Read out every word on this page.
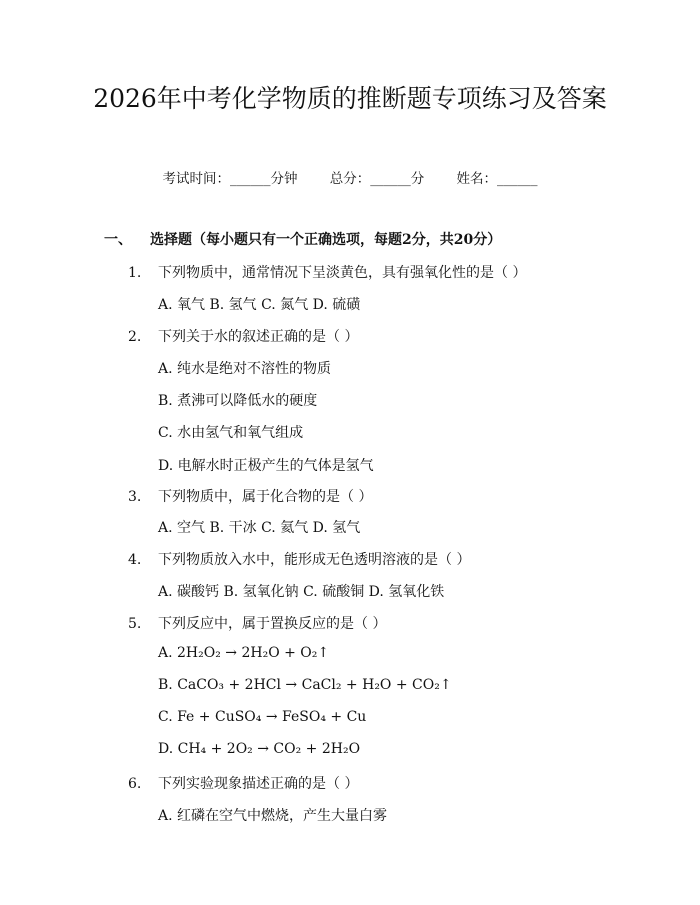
2026年中考化学物质的推断题专项练习及答案
考试时间：______分钟 总分：______分 姓名：______
一、 选择题（每小题只有一个正确选项，每题2分，共20分）
1. 下列物质中，通常情况下呈淡黄色，具有强氧化性的是（ ）
A. 氧气 B. 氢气 C. 氮气 D. 硫磺
2. 下列关于水的叙述正确的是（ ）
A. 纯水是绝对不溶性的物质
B. 煮沸可以降低水的硬度
C. 水由氢气和氧气组成
D. 电解水时正极产生的气体是氢气
3. 下列物质中，属于化合物的是（ ）
A. 空气 B. 干冰 C. 氦气 D. 氢气
4. 下列物质放入水中，能形成无色透明溶液的是（ ）
A. 碳酸钙 B. 氢氧化钠 C. 硫酸铜 D. 氢氧化铁
5. 下列反应中，属于置换反应的是（ ）
A. 2H₂O₂ → 2H₂O + O₂↑
B. CaCO₃ + 2HCl → CaCl₂ + H₂O + CO₂↑
C. Fe + CuSO₄ → FeSO₄ + Cu
D. CH₄ + 2O₂ → CO₂ + 2H₂O
6. 下列实验现象描述正确的是（ ）
A. 红磷在空气中燃烧，产生大量白雾
